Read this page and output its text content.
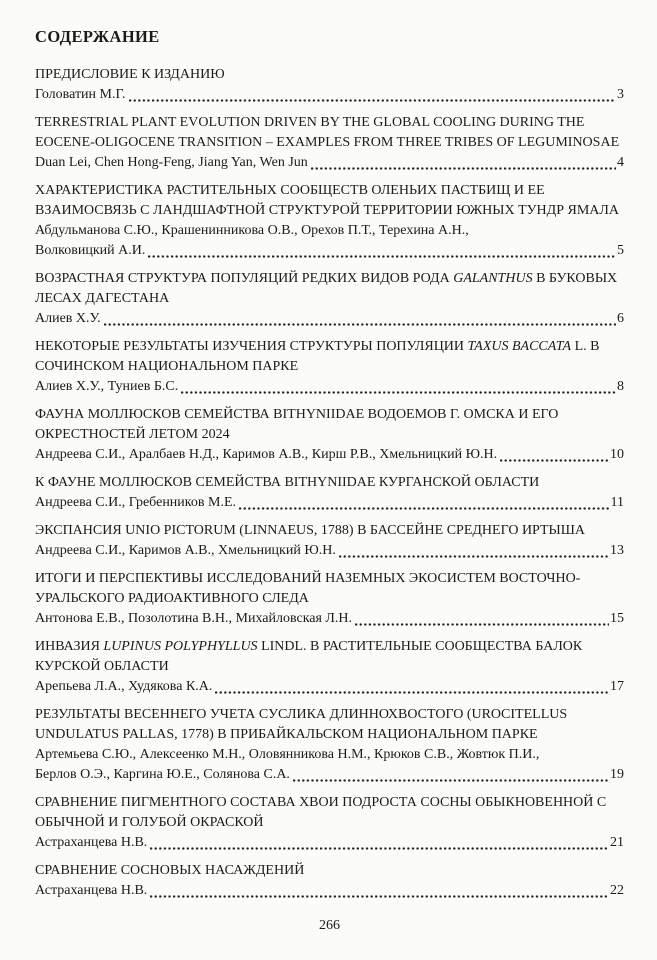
СОДЕРЖАНИЕ
ПРЕДИСЛОВИЕ К ИЗДАНИЮ
Головатин М.Г.	3
TERRESTRIAL PLANT EVOLUTION DRIVEN BY THE GLOBAL COOLING DURING THE EOCENE-OLIGOCENE TRANSITION – EXAMPLES FROM THREE TRIBES OF LEGUMINOSAE
Duan Lei, Chen Hong-Feng, Jiang Yan, Wen Jun	4
ХАРАКТЕРИСТИКА РАСТИТЕЛЬНЫХ СООБЩЕСТВ ОЛЕНЬИХ ПАСТБИЩ И ЕЕ ВЗАИМОСВЯЗЬ С ЛАНДШАФТНОЙ СТРУКТУРОЙ ТЕРРИТОРИИ ЮЖНЫХ ТУНДР ЯМАЛА
Абдульманова С.Ю., Крашенинникова О.В., Орехов П.Т., Терехина А.Н.,
Волковицкий А.И.	5
ВОЗРАСТНАЯ СТРУКТУРА ПОПУЛЯЦИЙ РЕДКИХ ВИДОВ РОДА GALANTHUS В БУКОВЫХ ЛЕСАХ ДАГЕСТАНА
Алиев Х.У.	6
НЕКОТОРЫЕ РЕЗУЛЬТАТЫ ИЗУЧЕНИЯ СТРУКТУРЫ ПОПУЛЯЦИИ TAXUS BACCATA L. В СОЧИНСКОМ НАЦИОНАЛЬНОМ ПАРКЕ
Алиев Х.У., Туниев Б.С.	8
ФАУНА МОЛЛЮСКОВ СЕМЕЙСТВА BITHYNIIDAE ВОДОЕМОВ Г. ОМСКА И ЕГО ОКРЕСТНОСТЕЙ ЛЕТОМ 2024
Андреева С.И., Аралбаев Н.Д., Каримов А.В., Кирш Р.В., Хмельницкий Ю.Н.	10
К ФАУНЕ МОЛЛЮСКОВ СЕМЕЙСТВА BITHYNIIDAE КУРГАНСКОЙ ОБЛАСТИ
Андреева С.И., Гребенников М.Е.	11
ЭКСПАНСИЯ UNIO PICTORUM (LINNAEUS, 1788) В БАССЕЙНЕ СРЕДНЕГО ИРТЫША
Андреева С.И., Каримов А.В., Хмельницкий Ю.Н.	13
ИТОГИ И ПЕРСПЕКТИВЫ ИССЛЕДОВАНИЙ НАЗЕМНЫХ ЭКОСИСТЕМ ВОСТОЧНО-УРАЛЬСКОГО РАДИОАКТИВНОГО СЛЕДА
Антонова Е.В., Позолотина В.Н., Михайловская Л.Н.	15
ИНВАЗИЯ LUPINUS POLYPHYLLUS LINDL. В РАСТИТЕЛЬНЫЕ СООБЩЕСТВА БАЛОК КУРСКОЙ ОБЛАСТИ
Арепьева Л.А., Худякова К.А.	17
РЕЗУЛЬТАТЫ ВЕСЕННЕГО УЧЕТА СУСЛИКА ДЛИННОХВОСТОГО (UROCITELLUS UNDULATUS PALLAS, 1778) В ПРИБАЙКАЛЬСКОМ НАЦИОНАЛЬНОМ ПАРКЕ
Артемьева С.Ю., Алексеенко М.Н., Оловянникова Н.М., Крюков С.В., Жовтюк П.И.,
Берлов О.Э., Каргина Ю.Е., Солянова С.А.	19
СРАВНЕНИЕ ПИГМЕНТНОГО СОСТАВА ХВОИ ПОДРОСТА СОСНЫ ОБЫКНОВЕННОЙ С ОБЫЧНОЙ И ГОЛУБОЙ ОКРАСКОЙ
Астраханцева Н.В.	21
СРАВНЕНИЕ СОСНОВЫХ НАСАЖДЕНИЙ
Астраханцева Н.В.	22
266
